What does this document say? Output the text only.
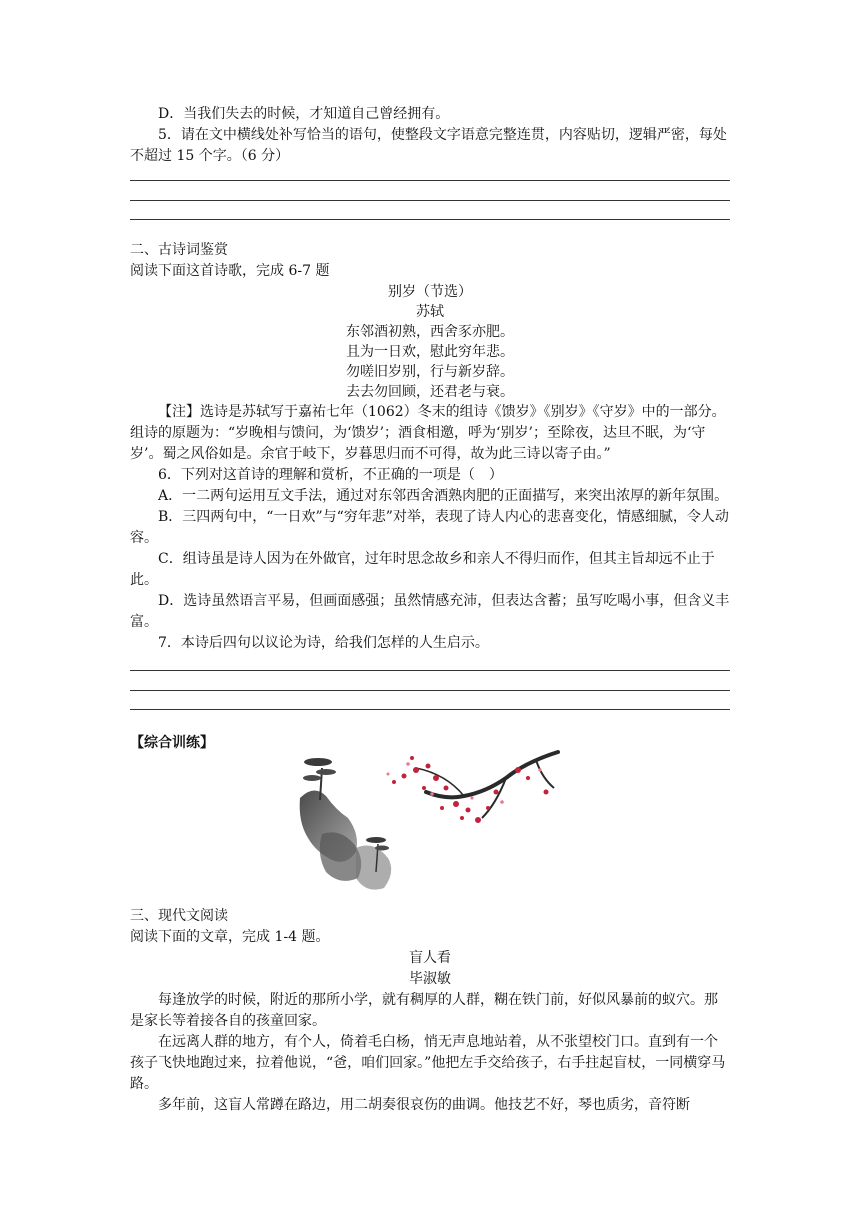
D．当我们失去的时候，才知道自己曾经拥有。

5．请在文中横线处补写恰当的语句，使整段文字语意完整连贯，内容贴切，逻辑严密，每处不超过 15 个字。（6 分）

二、古诗词鉴赏

阅读下面这首诗歌，完成 6-7 题

别岁（节选）

苏轼

东邻酒初熟，西舍豕亦肥。

且为一日欢，慰此穷年悲。

勿嗟旧岁别，行与新岁辞。

去去勿回顾，还君老与衰。

【注】选诗是苏轼写于嘉祐七年（1062）冬末的组诗《馈岁》《别岁》《守岁》中的一部分。组诗的原题为：“岁晚相与馈问，为‘馈岁’；酒食相邀，呼为‘别岁’；至除夜，达旦不眠，为‘守岁’。蜀之风俗如是。余官于岐下，岁暮思归而不可得，故为此三诗以寄子由。”

6．下列对这首诗的理解和赏析，不正确的一项是（　）

A．一二两句运用互文手法，通过对东邻西舍酒熟肉肥的正面描写，来突出浓厚的新年氛围。

B．三四两句中，“一日欢”与“穷年悲”对举，表现了诗人内心的悲喜变化，情感细腻，令人动容。

C．组诗虽是诗人因为在外做官，过年时思念故乡和亲人不得归而作，但其主旨却远不止于此。

D．选诗虽然语言平易，但画面感强；虽然情感充沛，但表达含蓄；虽写吃喝小事，但含义丰富。

7．本诗后四句以议论为诗，给我们怎样的人生启示。

【综合训练】

三、现代文阅读

阅读下面的文章，完成 1-4 题。

盲人看

毕淑敏

每逢放学的时候，附近的那所小学，就有稠厚的人群，糊在铁门前，好似风暴前的蚁穴。那是家长等着接各自的孩童回家。

在远离人群的地方，有个人，倚着毛白杨，悄无声息地站着，从不张望校门口。直到有一个孩子飞快地跑过来，拉着他说，“爸，咱们回家。”他把左手交给孩子，右手拄起盲杖，一同横穿马路。

多年前，这盲人常蹲在路边，用二胡奏很哀伤的曲调。他技艺不好，琴也质劣，音符断
